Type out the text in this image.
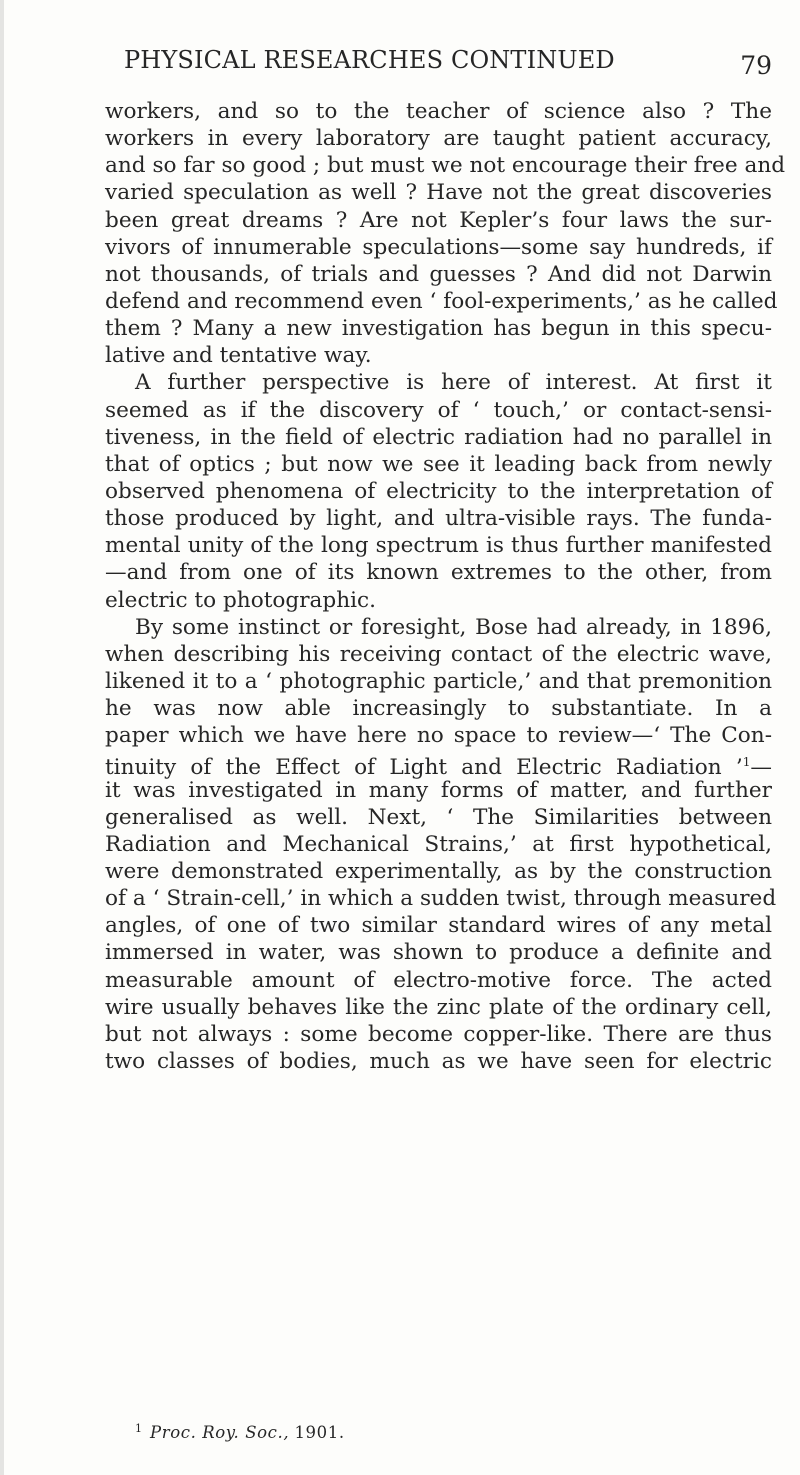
PHYSICAL RESEARCHES CONTINUED	79
workers, and so to the teacher of science also ? The
workers in every laboratory are taught patient accuracy,
and so far so good ; but must we not encourage their free and
varied speculation as well ? Have not the great discoveries
been great dreams ? Are not Kepler’s four laws the sur-
vivors of innumerable speculations—some say hundreds, if
not thousands, of trials and guesses ? And did not Darwin
defend and recommend even ‘ fool-experiments,’ as he called
them ? Many a new investigation has begun in this specu-
lative and tentative way.
A further perspective is here of interest. At first it
seemed as if the discovery of ‘ touch,’ or contact-sensi-
tiveness, in the field of electric radiation had no parallel in
that of optics ; but now we see it leading back from newly
observed phenomena of electricity to the interpretation of
those produced by light, and ultra-visible rays. The funda-
mental unity of the long spectrum is thus further manifested
—and from one of its known extremes to the other, from
electric to photographic.
By some instinct or foresight, Bose had already, in 1896,
when describing his receiving contact of the electric wave,
likened it to a ‘ photographic particle,’ and that premonition
he was now able increasingly to substantiate. In a
paper which we have here no space to review—‘ The Con-
tinuity of the Effect of Light and Electric Radiation ’$^1$—
it was investigated in many forms of matter, and further
generalised as well. Next, ‘ The Similarities between
Radiation and Mechanical Strains,’ at first hypothetical,
were demonstrated experimentally, as by the construction
of a ‘ Strain-cell,’ in which a sudden twist, through measured
angles, of one of two similar standard wires of any metal
immersed in water, was shown to produce a definite and
measurable amount of electro-motive force. The acted
wire usually behaves like the zinc plate of the ordinary cell,
but not always : some become copper-like. There are thus
two classes of bodies, much as we have seen for electric
$^1$ Proc. Roy. Soc., 1901.
